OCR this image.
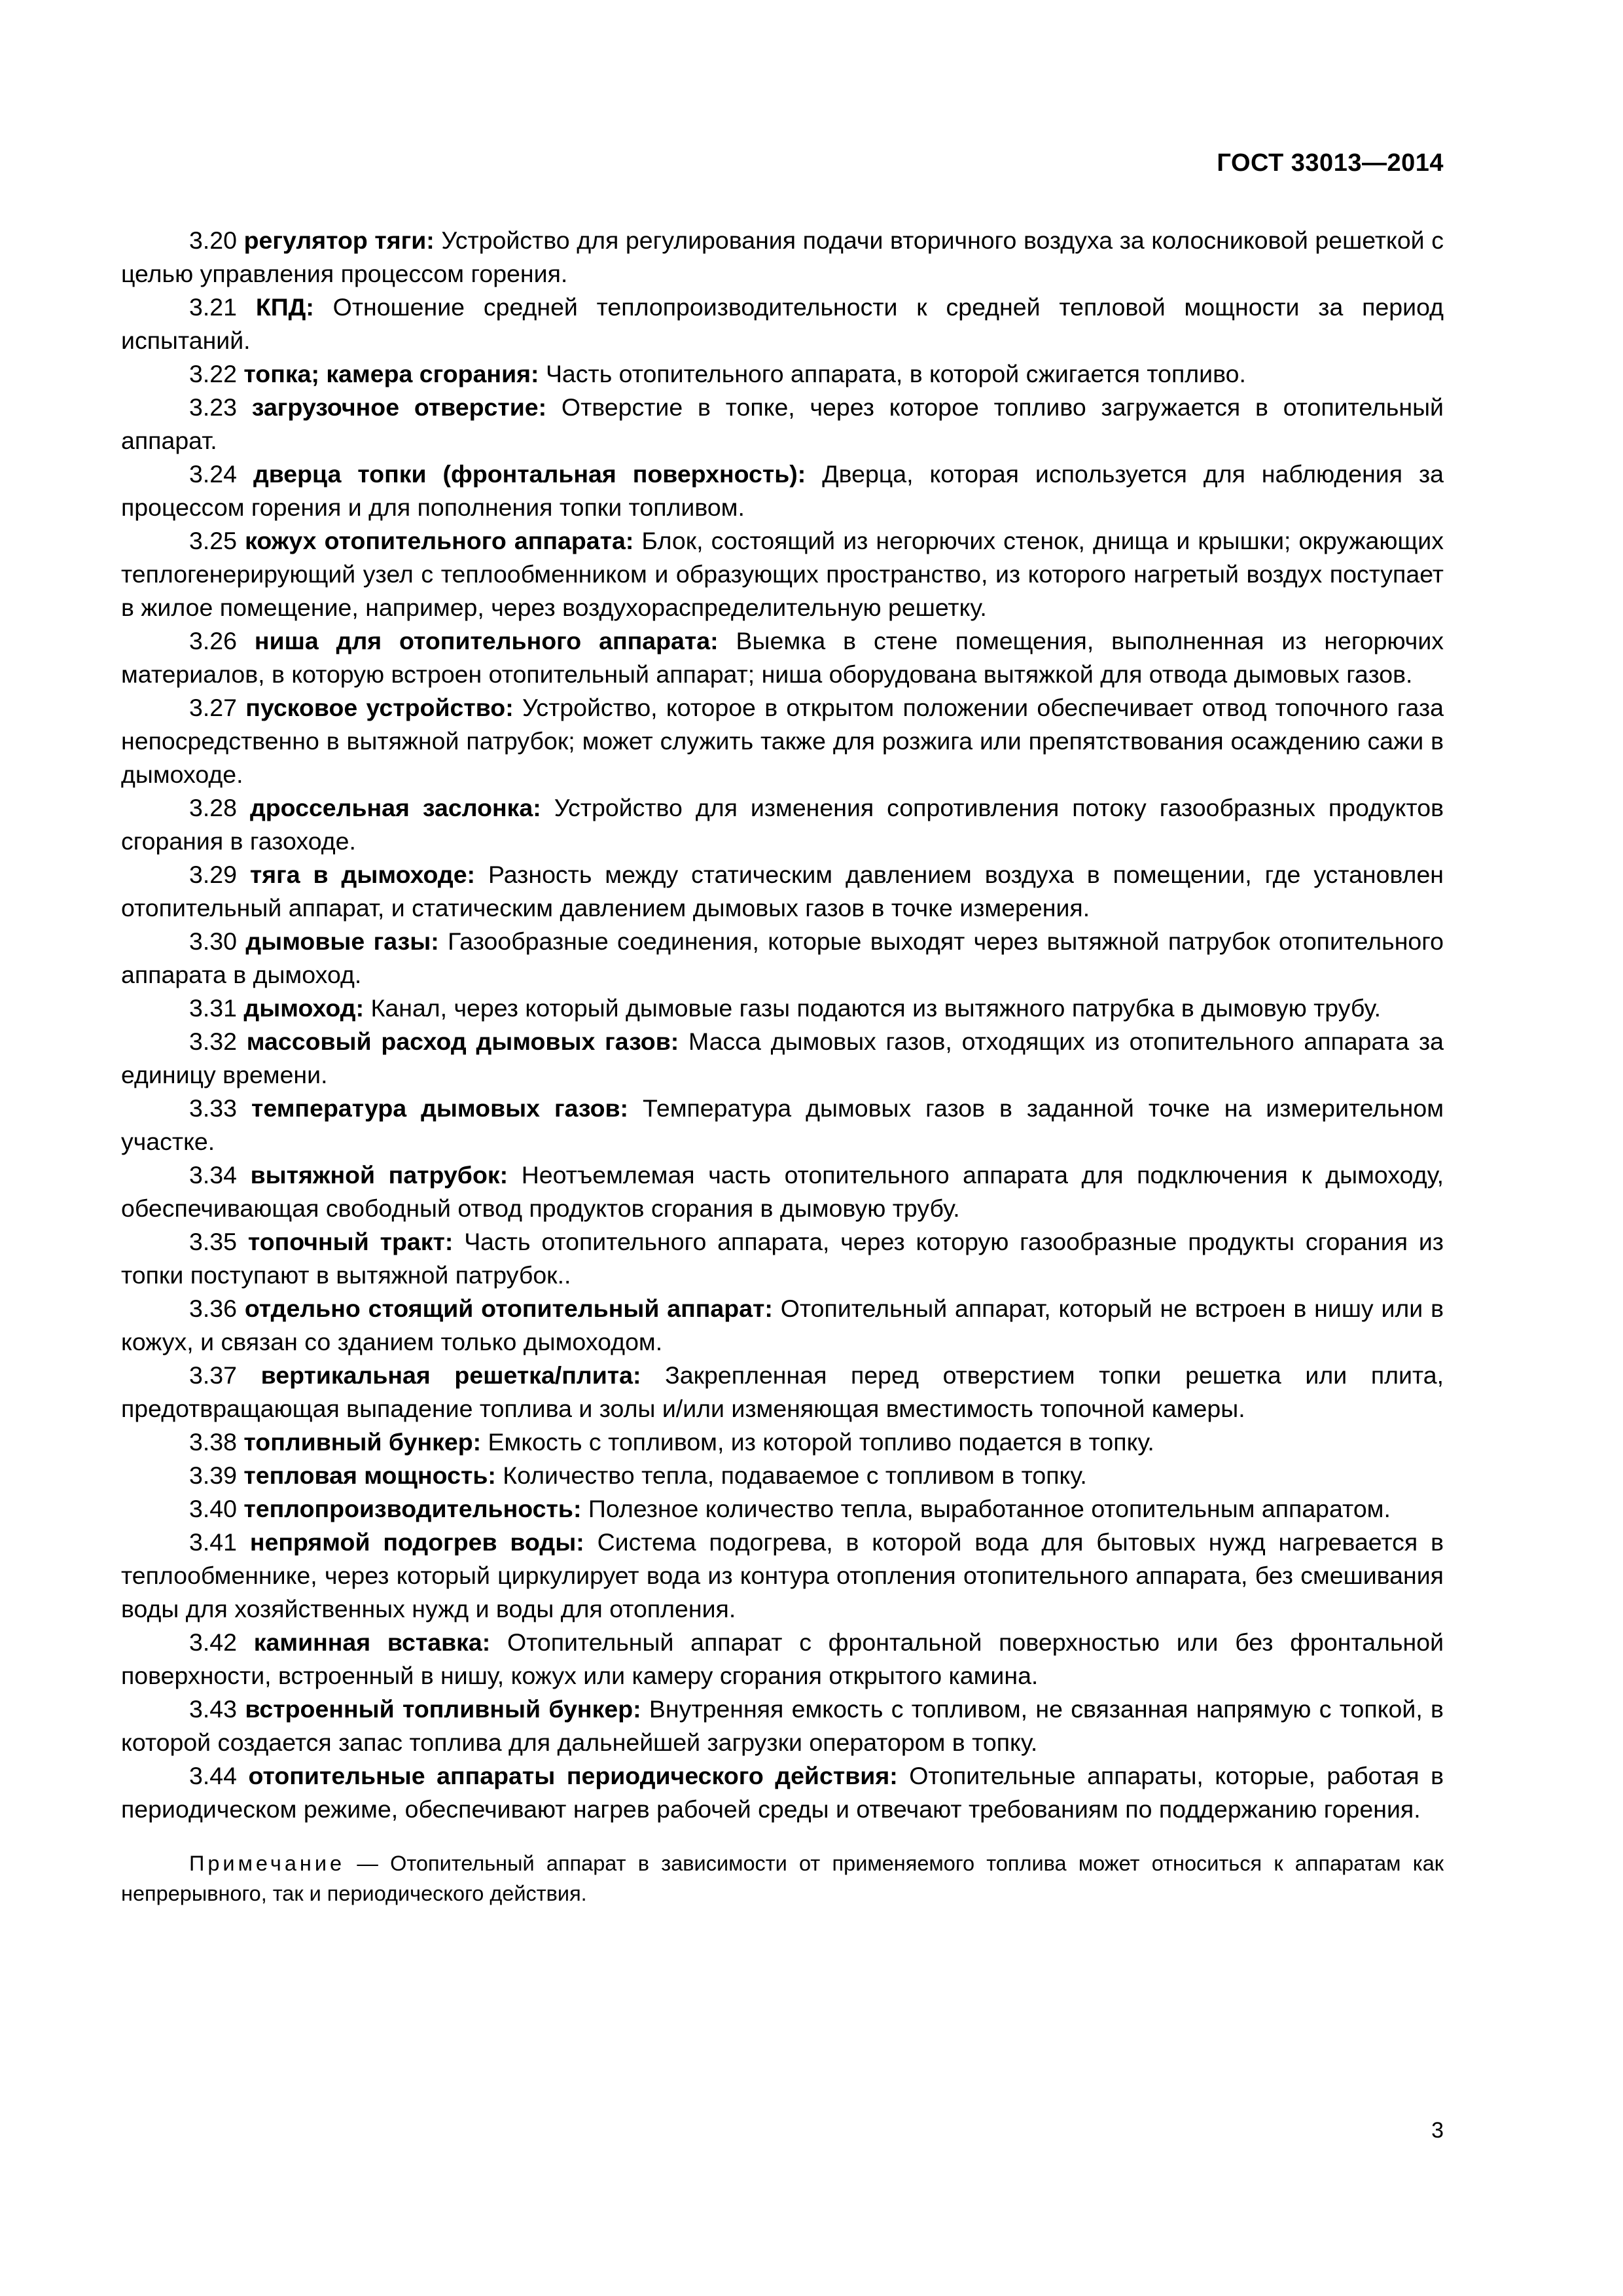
ГОСТ 33013—2014

3.20 регулятор тяги: Устройство для регулирования подачи вторичного воздуха за колосниковой решеткой с целью управления процессом горения.

3.21 КПД: Отношение средней теплопроизводительности к средней тепловой мощности за период испытаний.

3.22 топка; камера сгорания: Часть отопительного аппарата, в которой сжигается топливо.

3.23 загрузочное отверстие: Отверстие в топке, через которое топливо загружается в отопительный аппарат.

3.24 дверца топки (фронтальная поверхность): Дверца, которая используется для наблюдения за процессом горения и для пополнения топки топливом.

3.25 кожух отопительного аппарата: Блок, состоящий из негорючих стенок, днища и крышки; окружающих теплогенерирующий узел с теплообменником и образующих пространство, из которого нагретый воздух поступает в жилое помещение, например, через воздухораспределительную решетку.

3.26 ниша для отопительного аппарата: Выемка в стене помещения, выполненная из негорючих материалов, в которую встроен отопительный аппарат; ниша оборудована вытяжкой для отвода дымовых газов.

3.27 пусковое устройство: Устройство, которое в открытом положении обеспечивает отвод топочного газа непосредственно в вытяжной патрубок; может служить также для розжига или препятствования осаждению сажи в дымоходе.

3.28 дроссельная заслонка: Устройство для изменения сопротивления потоку газообразных продуктов сгорания в газоходе.

3.29 тяга в дымоходе: Разность между статическим давлением воздуха в помещении, где установлен отопительный аппарат, и статическим давлением дымовых газов в точке измерения.

3.30 дымовые газы: Газообразные соединения, которые выходят через вытяжной патрубок отопительного аппарата в дымоход.

3.31 дымоход: Канал, через который дымовые газы подаются из вытяжного патрубка в дымовую трубу.

3.32 массовый расход дымовых газов: Масса дымовых газов, отходящих из отопительного аппарата за единицу времени.

3.33 температура дымовых газов: Температура дымовых газов в заданной точке на измерительном участке.

3.34 вытяжной патрубок: Неотъемлемая часть отопительного аппарата для подключения к дымоходу, обеспечивающая свободный отвод продуктов сгорания в дымовую трубу.

3.35 топочный тракт: Часть отопительного аппарата, через которую газообразные продукты сгорания из топки поступают в вытяжной патрубок..

3.36 отдельно стоящий отопительный аппарат: Отопительный аппарат, который не встроен в нишу или в кожух, и связан со зданием только дымоходом.

3.37 вертикальная решетка/плита: Закрепленная перед отверстием топки решетка или плита, предотвращающая выпадение топлива и золы и/или изменяющая вместимость топочной камеры.

3.38 топливный бункер: Емкость с топливом, из которой топливо подается в топку.

3.39 тепловая мощность: Количество тепла, подаваемое с топливом в топку.

3.40 теплопроизводительность: Полезное количество тепла, выработанное отопительным аппаратом.

3.41 непрямой подогрев воды: Система подогрева, в которой вода для бытовых нужд нагревается в теплообменнике, через который циркулирует вода из контура отопления отопительного аппарата, без смешивания воды для хозяйственных нужд и воды для отопления.

3.42 каминная вставка: Отопительный аппарат с фронтальной поверхностью или без фронтальной поверхности, встроенный в нишу, кожух или камеру сгорания открытого камина.

3.43 встроенный топливный бункер: Внутренняя емкость с топливом, не связанная напрямую с топкой, в которой создается запас топлива для дальнейшей загрузки оператором в топку.

3.44 отопительные аппараты периодического действия: Отопительные аппараты, которые, работая в периодическом режиме, обеспечивают нагрев рабочей среды и отвечают требованиям по поддержанию горения.

Примечание — Отопительный аппарат в зависимости от применяемого топлива может относиться к аппаратам как непрерывного, так и периодического действия.

3
